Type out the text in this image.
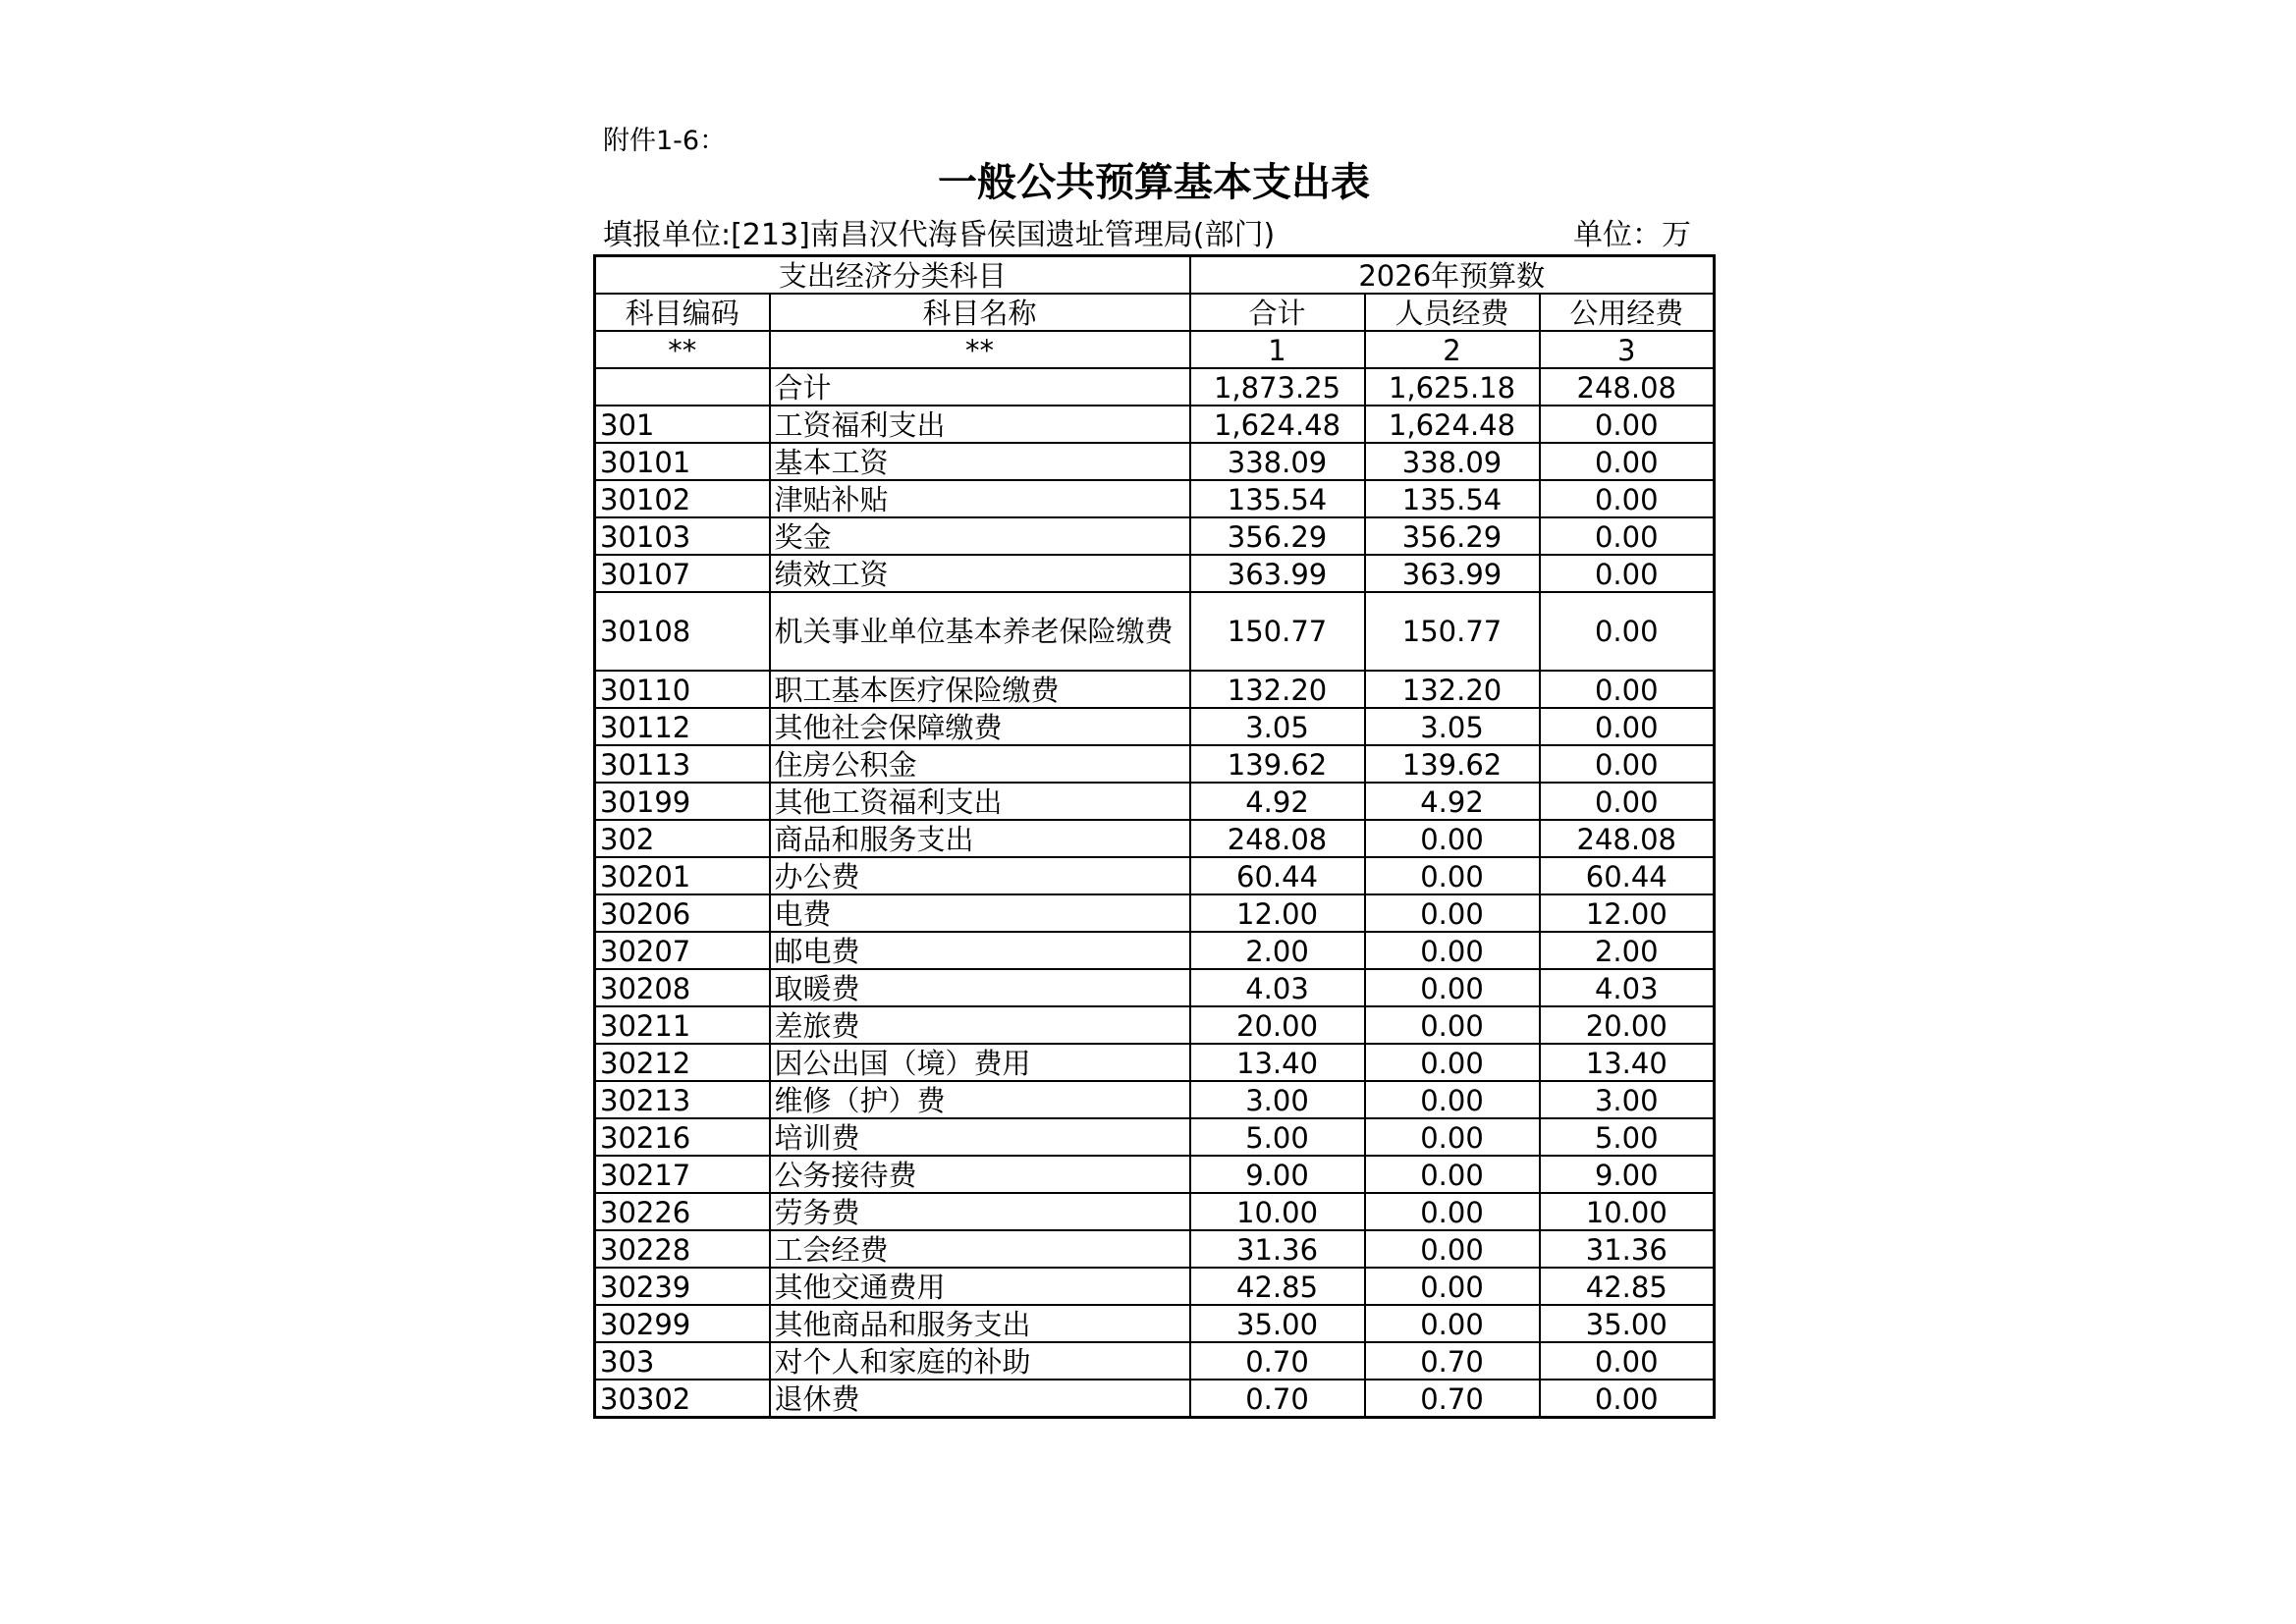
附件1-6：
一般公共预算基本支出表
填报单位:[213]南昌汉代海昏侯国遗址管理局(部门)	单位：万
支出经济分类科目		2026年预算数		
科目编码	科目名称	合计	人员经费	公用经费
**	**	1	2	3
	合计	1,873.25	1,625.18	248.08
301	工资福利支出	1,624.48	1,624.48	0.00
30101	基本工资	338.09	338.09	0.00
30102	津贴补贴	135.54	135.54	0.00
30103	奖金	356.29	356.29	0.00
30107	绩效工资	363.99	363.99	0.00
30108	机关事业单位基本养老保险缴费	150.77	150.77	0.00
30110	职工基本医疗保险缴费	132.20	132.20	0.00
30112	其他社会保障缴费	3.05	3.05	0.00
30113	住房公积金	139.62	139.62	0.00
30199	其他工资福利支出	4.92	4.92	0.00
302	商品和服务支出	248.08	0.00	248.08
30201	办公费	60.44	0.00	60.44
30206	电费	12.00	0.00	12.00
30207	邮电费	2.00	0.00	2.00
30208	取暖费	4.03	0.00	4.03
30211	差旅费	20.00	0.00	20.00
30212	因公出国（境）费用	13.40	0.00	13.40
30213	维修（护）费	3.00	0.00	3.00
30216	培训费	5.00	0.00	5.00
30217	公务接待费	9.00	0.00	9.00
30226	劳务费	10.00	0.00	10.00
30228	工会经费	31.36	0.00	31.36
30239	其他交通费用	42.85	0.00	42.85
30299	其他商品和服务支出	35.00	0.00	35.00
303	对个人和家庭的补助	0.70	0.70	0.00
30302	退休费	0.70	0.70	0.00
